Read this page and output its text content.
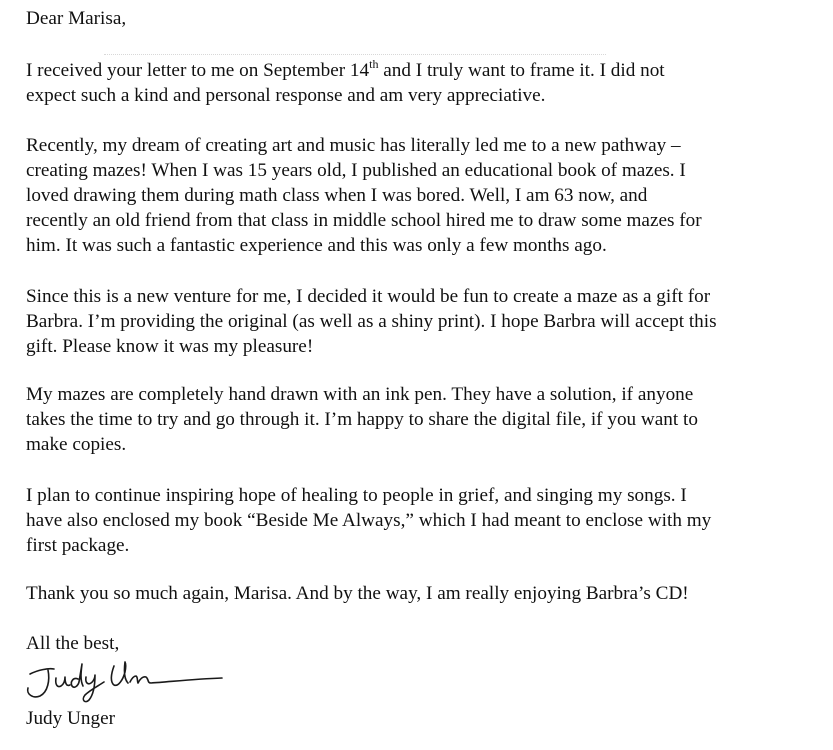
Dear Marisa,
I received your letter to me on September 14th and I truly want to frame it. I did not
expect such a kind and personal response and am very appreciative.
Recently, my dream of creating art and music has literally led me to a new pathway –
creating mazes! When I was 15 years old, I published an educational book of mazes. I
loved drawing them during math class when I was bored. Well, I am 63 now, and
recently an old friend from that class in middle school hired me to draw some mazes for
him. It was such a fantastic experience and this was only a few months ago.
Since this is a new venture for me, I decided it would be fun to create a maze as a gift for
Barbra. I’m providing the original (as well as a shiny print). I hope Barbra will accept this
gift. Please know it was my pleasure!
My mazes are completely hand drawn with an ink pen. They have a solution, if anyone
takes the time to try and go through it. I’m happy to share the digital file, if you want to
make copies.
I plan to continue inspiring hope of healing to people in grief, and singing my songs. I
have also enclosed my book “Beside Me Always,” which I had meant to enclose with my
first package.
Thank you so much again, Marisa. And by the way, I am really enjoying Barbra’s CD!
All the best,
Judy Unger
